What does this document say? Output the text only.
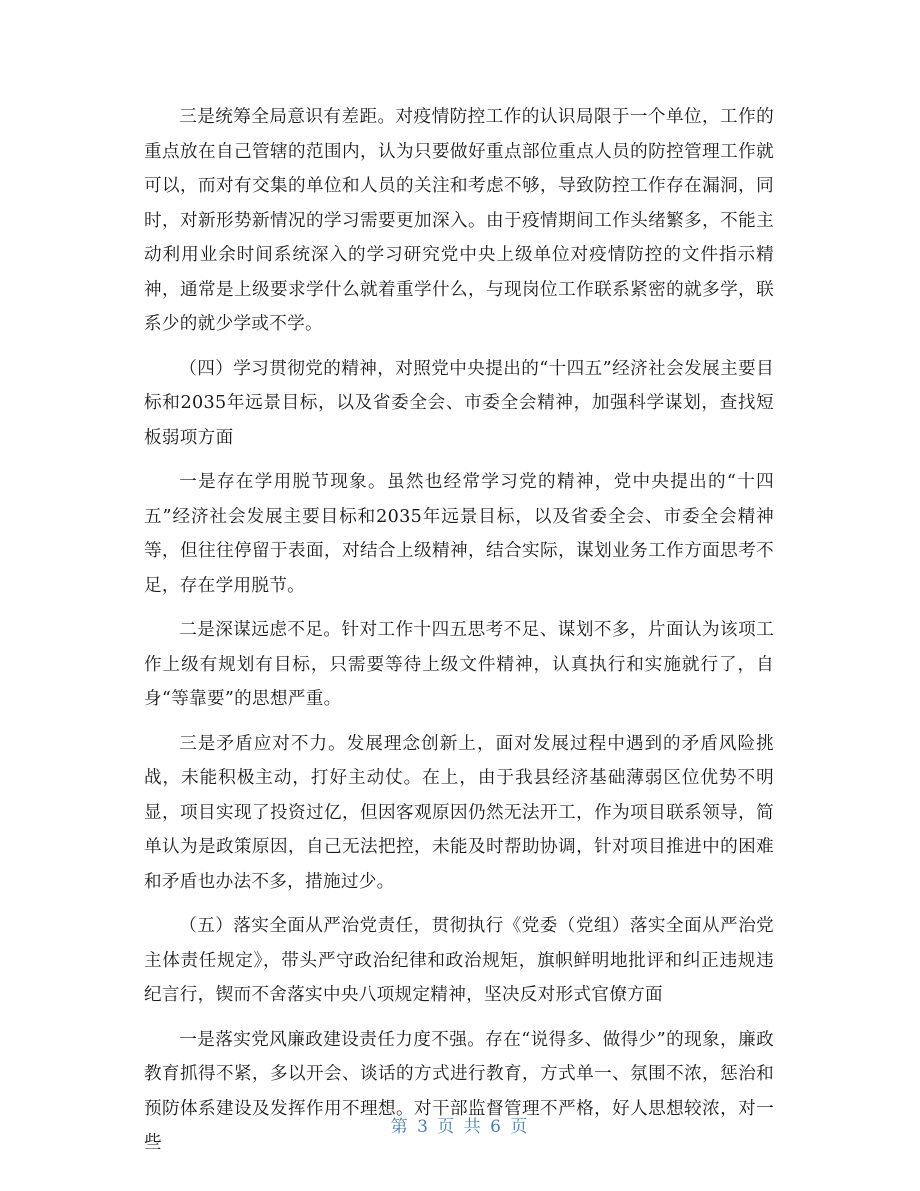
三是统筹全局意识有差距。对疫情防控工作的认识局限于一个单位，工作的重点放在自己管辖的范围内，认为只要做好重点部位重点人员的防控管理工作就可以，而对有交集的单位和人员的关注和考虑不够，导致防控工作存在漏洞，同时，对新形势新情况的学习需要更加深入。由于疫情期间工作头绪繁多，不能主动利用业余时间系统深入的学习研究党中央上级单位对疫情防控的文件指示精神，通常是上级要求学什么就着重学什么，与现岗位工作联系紧密的就多学，联系少的就少学或不学。

（四）学习贯彻党的精神，对照党中央提出的“十四五”经济社会发展主要目标和2035年远景目标，以及省委全会、市委全会精神，加强科学谋划，查找短板弱项方面

一是存在学用脱节现象。虽然也经常学习党的精神，党中央提出的“十四五”经济社会发展主要目标和2035年远景目标，以及省委全会、市委全会精神等，但往往停留于表面，对结合上级精神，结合实际，谋划业务工作方面思考不足，存在学用脱节。

二是深谋远虑不足。针对工作十四五思考不足、谋划不多，片面认为该项工作上级有规划有目标，只需要等待上级文件精神，认真执行和实施就行了，自身“等靠要”的思想严重。

三是矛盾应对不力。发展理念创新上，面对发展过程中遇到的矛盾风险挑战，未能积极主动，打好主动仗。在上，由于我县经济基础薄弱区位优势不明显，项目实现了投资过亿，但因客观原因仍然无法开工，作为项目联系领导，简单认为是政策原因，自己无法把控，未能及时帮助协调，针对项目推进中的困难和矛盾也办法不多，措施过少。

（五）落实全面从严治党责任，贯彻执行《党委（党组）落实全面从严治党主体责任规定》，带头严守政治纪律和政治规矩，旗帜鲜明地批评和纠正违规违纪言行，锲而不舍落实中央八项规定精神，坚决反对形式官僚方面

一是落实党风廉政建设责任力度不强。存在“说得多、做得少”的现象，廉政教育抓得不紧，多以开会、谈话的方式进行教育，方式单一、氛围不浓，惩治和预防体系建设及发挥作用不理想。对干部监督管理不严格，好人思想较浓，对一些

第 3 页 共 6 页
